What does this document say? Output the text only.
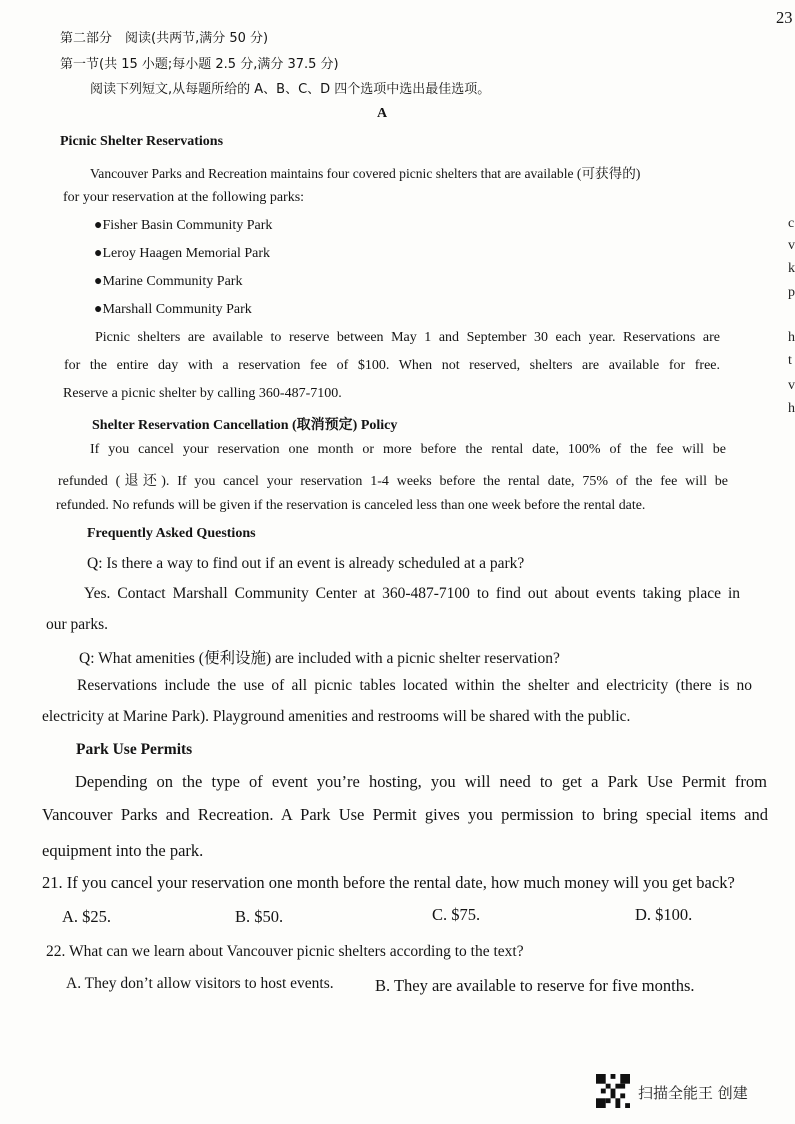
23
第二部分　阅读(共两节,满分 50 分)
第一节(共 15 小题;每小题 2.5 分,满分 37.5 分)
阅读下列短文,从每题所给的 A、B、C、D 四个选项中选出最佳选项。
A
Picnic Shelter Reservations
Vancouver Parks and Recreation maintains four covered picnic shelters that are available (可获得的)
for your reservation at the following parks:
●Fisher Basin Community Park
●Leroy Haagen Memorial Park
●Marine Community Park
●Marshall Community Park
Picnic shelters are available to reserve between May 1 and September 30 each year. Reservations are
for the entire day with a reservation fee of $100. When not reserved, shelters are available for free.
Reserve a picnic shelter by calling 360-487-7100.
Shelter Reservation Cancellation (取消预定) Policy
If you cancel your reservation one month or more before the rental date, 100% of the fee will be
refunded (退还). If you cancel your reservation 1-4 weeks before the rental date, 75% of the fee will be
refunded. No refunds will be given if the reservation is canceled less than one week before the rental date.
Frequently Asked Questions
Q: Is there a way to find out if an event is already scheduled at a park?
Yes. Contact Marshall Community Center at 360-487-7100 to find out about events taking place in
our parks.
Q: What amenities (便利设施) are included with a picnic shelter reservation?
Reservations include the use of all picnic tables located within the shelter and electricity (there is no
electricity at Marine Park). Playground amenities and restrooms will be shared with the public.
Park Use Permits
Depending on the type of event you’re hosting, you will need to get a Park Use Permit from
Vancouver Parks and Recreation. A Park Use Permit gives you permission to bring special items and
equipment into the park.
21. If you cancel your reservation one month before the rental date, how much money will you get back?
A. $25.	B. $50.	C. $75.	D. $100.
22. What can we learn about Vancouver picnic shelters according to the text?
A. They don’t allow visitors to host events.	B. They are available to reserve for five months.
c
v
k
p
h
t
v
h
扫描全能王 创建
